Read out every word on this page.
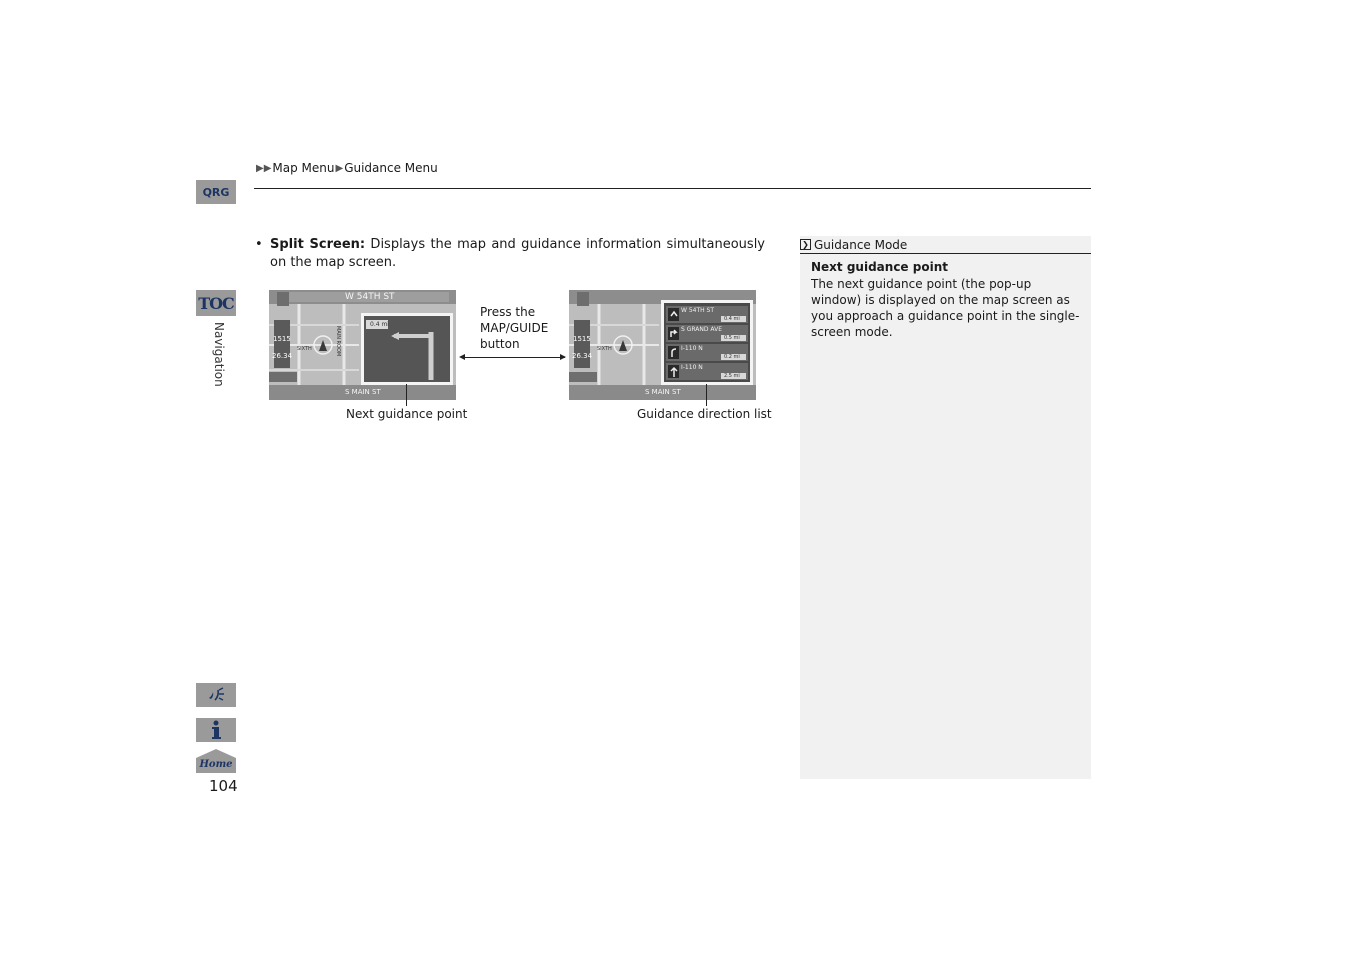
▶▶ Map Menu ▶ Guidance Menu
QRG
TOC
Navigation
Home
104
• Split Screen: Displays the map and guidance information simultaneously on the map screen.
W 54TH ST
0.4 mi
1515
26.34
SIXTH
S MAIN ST
MAIN ROOM
Next guidance point
Press the
MAP/GUIDE
button
W 54TH ST
0.4 mi
S GRAND AVE
0.5 mi
I-110 N
0.2 mi
I-110 N
2.5 mi
1515
26.34
SIXTH
S MAIN ST
Guidance direction list
❯ Guidance Mode
Next guidance point
The next guidance point (the pop-up window) is displayed on the map screen as you approach a guidance point in the single-screen mode.
